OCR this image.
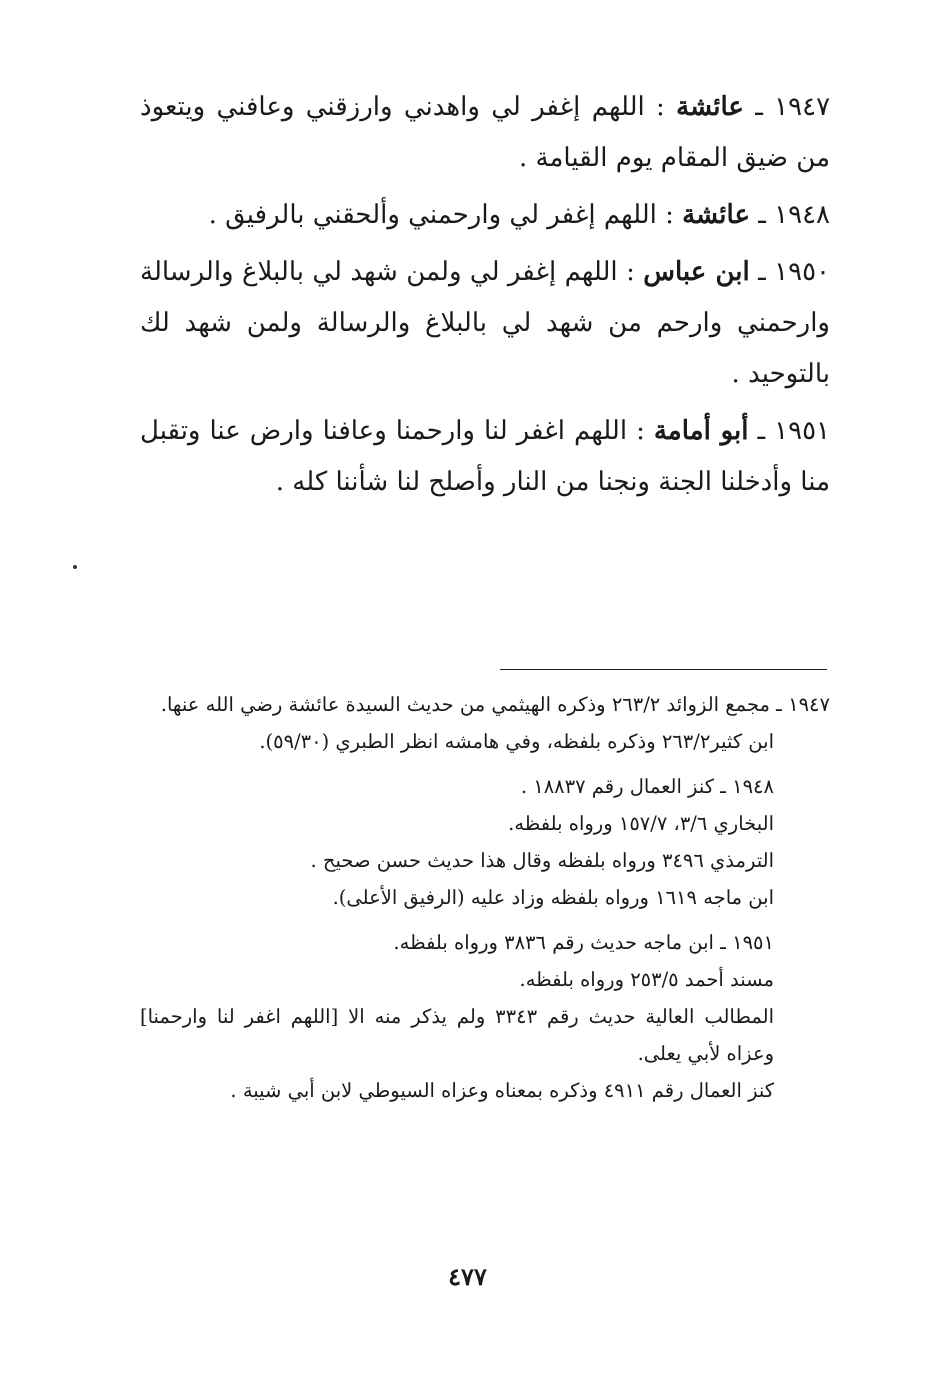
١٩٤٧ ـ عائشة : اللهم إغفر لي واهدني وارزقني وعافني ويتعوذ من ضيق المقام يوم القيامة .

١٩٤٨ ـ عائشة : اللهم إغفر لي وارحمني وألحقني بالرفيق .

١٩٥٠ ـ ابن عباس : اللهم إغفر لي ولمن شهد لي بالبلاغ والرسالة وارحمني وارحم من شهد لي بالبلاغ والرسالة ولمن شهد لك بالتوحيد .

١٩٥١ ـ أبو أمامة : اللهم اغفر لنا وارحمنا وعافنا وارض عنا وتقبل منا وأدخلنا الجنة ونجنا من النار وأصلح لنا شأننا كله .

١٩٤٧ ـ مجمع الزوائد ٢٦٣/٢ وذكره الهيثمي من حديث السيدة عائشة رضي الله عنها.
ابن كثير٢٦٣/٢ وذكره بلفظه، وفي هامشه انظر الطبري (٥٩/٣٠).
١٩٤٨ ـ كنز العمال رقم ١٨٨٣٧ .
البخاري ٣/٦، ١٥٧/٧ ورواه بلفظه.
الترمذي ٣٤٩٦ ورواه بلفظه وقال هذا حديث حسن صحيح .
ابن ماجه ١٦١٩ ورواه بلفظه وزاد عليه (الرفيق الأعلى).
١٩٥١ ـ ابن ماجه حديث رقم ٣٨٣٦ ورواه بلفظه.
مسند أحمد ٢٥٣/٥ ورواه بلفظه.
المطالب العالية حديث رقم ٣٣٤٣ ولم يذكر منه الا [اللهم اغفر لنا وارحمنا] وعزاه لأبي يعلى.
كنز العمال رقم ٤٩١١ وذكره بمعناه وعزاه السيوطي لابن أبي شيبة .
٤٧٧
